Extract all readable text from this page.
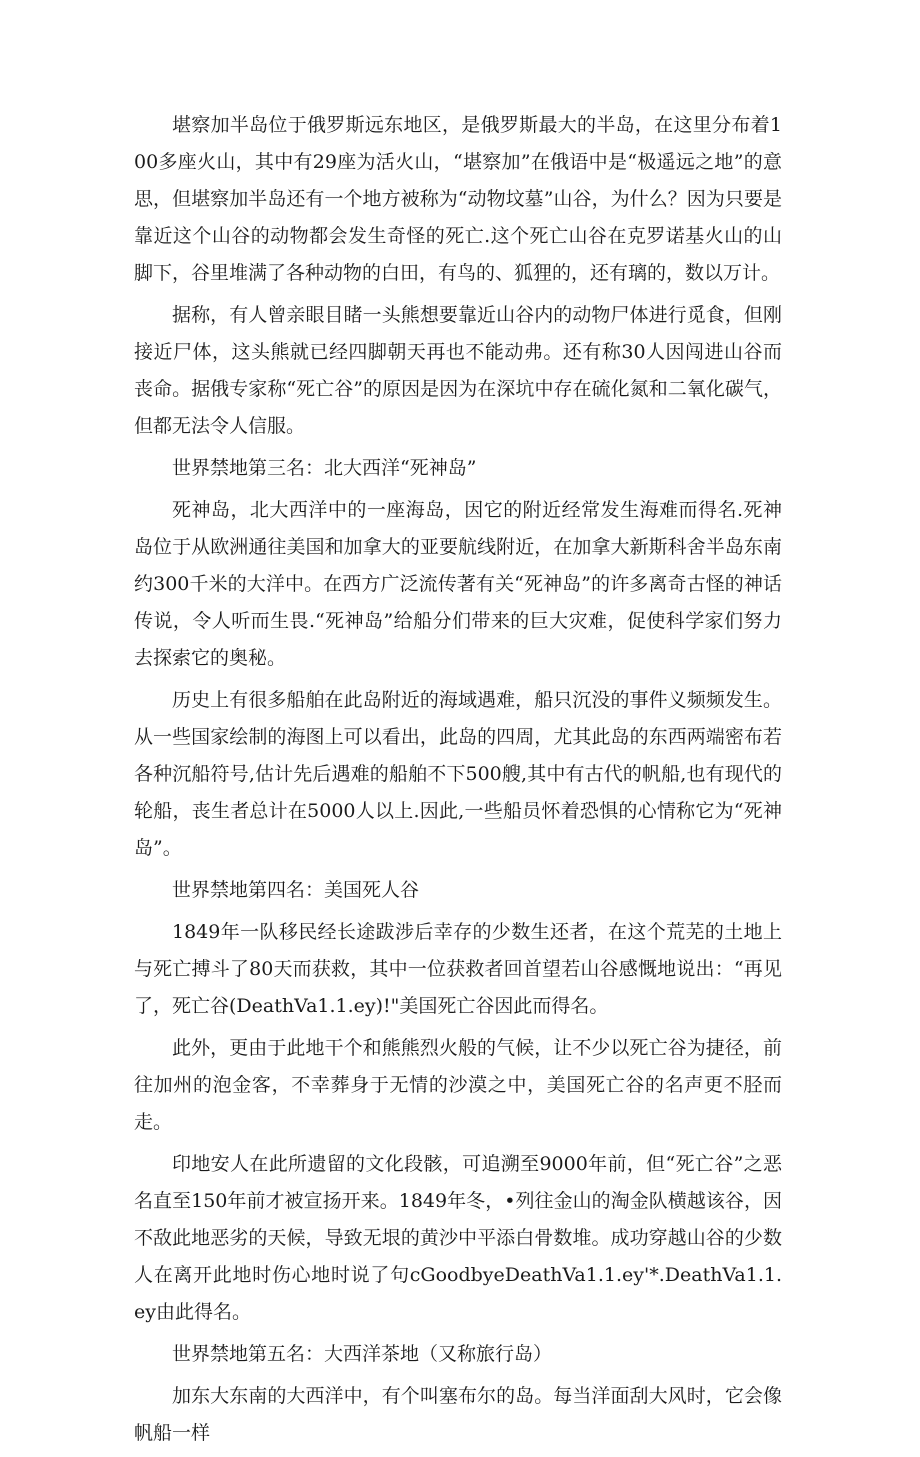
堪察加半岛位于俄罗斯远东地区，是俄罗斯最大的半岛，在这里分布着100多座火山，其中有29座为活火山，“堪察加”在俄语中是“极遥远之地”的意思，但堪察加半岛还有一个地方被称为“动物坟墓”山谷，为什么？因为只要是靠近这个山谷的动物都会发生奇怪的死亡.这个死亡山谷在克罗诺基火山的山脚下，谷里堆满了各种动物的白田，有鸟的、狐狸的，还有璃的，数以万计。

据称，有人曾亲眼目睹一头熊想要靠近山谷内的动物尸体进行觅食，但刚接近尸体，这头熊就已经四脚朝天再也不能动弗。还有称30人因闯进山谷而丧命。据俄专家称“死亡谷”的原因是因为在深坑中存在硫化氮和二氧化碳气，但都无法令人信服。

世界禁地第三名：北大西洋“死神岛”

死神岛，北大西洋中的一座海岛，因它的附近经常发生海难而得名.死神岛位于从欧洲通往美国和加拿大的亚要航线附近，在加拿大新斯科舍半岛东南约300千米的大洋中。在西方广泛流传著有关“死神岛”的许多离奇古怪的神话传说，令人听而生畏.“死神岛”给船分们带来的巨大灾难，促使科学家们努力去探索它的奥秘。

历史上有很多船舶在此岛附近的海域遇难，船只沉没的事件义频频发生。从一些国家绘制的海图上可以看出，此岛的四周，尤其此岛的东西两端密布若各种沉船符号,估计先后遇难的船舶不下500艘,其中有古代的帆船,也有现代的轮船，丧生者总计在5000人以上.因此,一些船员怀着恐惧的心情称它为“死神岛”。

世界禁地第四名：美国死人谷

1849年一队移民经长途跋涉后幸存的少数生还者，在这个荒芜的土地上与死亡搏斗了80天而获救，其中一位获救者回首望若山谷感慨地说出：“再见了，死亡谷(DeathVa1.1.ey)!"美国死亡谷因此而得名。

此外，更由于此地干个和熊熊烈火般的气候，让不少以死亡谷为捷径，前往加州的泡金客，不幸葬身于无情的沙漠之中，美国死亡谷的名声更不胫而走。

印地安人在此所遗留的文化段骸，可追溯至9000年前，但“死亡谷”之恶名直至150年前才被宣扬开来。1849年冬，•列往金山的淘金队横越该谷，因不敌此地恶劣的天候，导致无垠的黄沙中平添白骨数堆。成功穿越山谷的少数人在离开此地时伤心地时说了句cGoodbyeDeathVa1.1.ey'*.DeathVa1.1.ey由此得名。

世界禁地第五名：大西洋茶地（又称旅行岛）

加东大东南的大西洋中，有个叫塞布尔的岛。每当洋面刮大风时，它会像帆船一样
